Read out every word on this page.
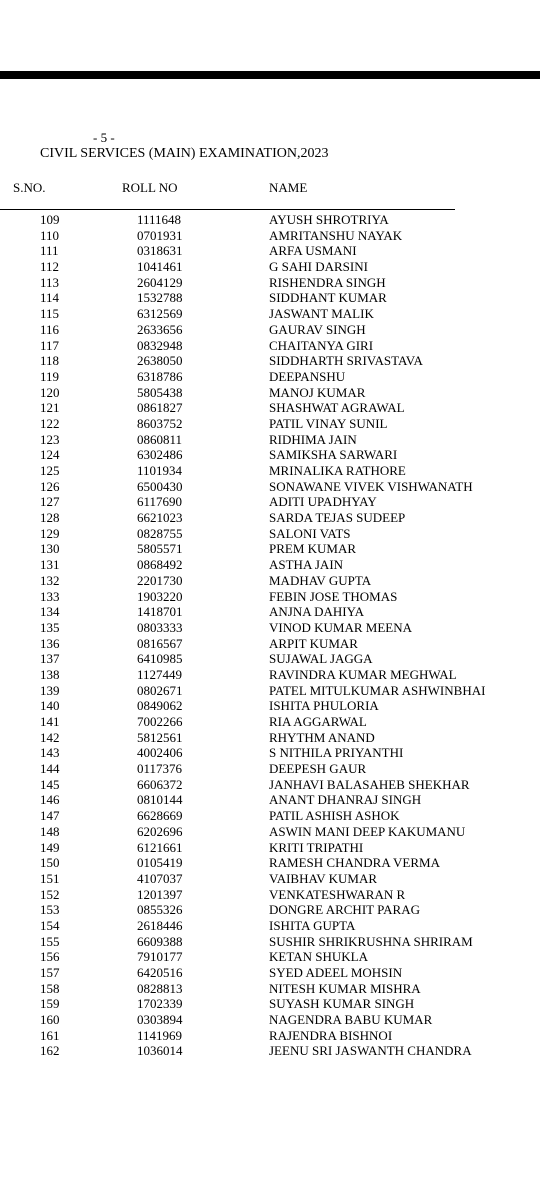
- 5 -
CIVIL SERVICES (MAIN) EXAMINATION,2023
S.NO.	ROLL NO	NAME
109	1111648	AYUSH SHROTRIYA
110	0701931	AMRITANSHU NAYAK
111	0318631	ARFA USMANI
112	1041461	G SAHI DARSINI
113	2604129	RISHENDRA SINGH
114	1532788	SIDDHANT KUMAR
115	6312569	JASWANT MALIK
116	2633656	GAURAV SINGH
117	0832948	CHAITANYA GIRI
118	2638050	SIDDHARTH SRIVASTAVA
119	6318786	DEEPANSHU
120	5805438	MANOJ KUMAR
121	0861827	SHASHWAT AGRAWAL
122	8603752	PATIL VINAY SUNIL
123	0860811	RIDHIMA JAIN
124	6302486	SAMIKSHA SARWARI
125	1101934	MRINALIKA RATHORE
126	6500430	SONAWANE VIVEK VISHWANATH
127	6117690	ADITI UPADHYAY
128	6621023	SARDA TEJAS SUDEEP
129	0828755	SALONI VATS
130	5805571	PREM KUMAR
131	0868492	ASTHA JAIN
132	2201730	MADHAV GUPTA
133	1903220	FEBIN JOSE THOMAS
134	1418701	ANJNA DAHIYA
135	0803333	VINOD KUMAR MEENA
136	0816567	ARPIT KUMAR
137	6410985	SUJAWAL JAGGA
138	1127449	RAVINDRA KUMAR MEGHWAL
139	0802671	PATEL MITULKUMAR ASHWINBHAI
140	0849062	ISHITA PHULORIA
141	7002266	RIA AGGARWAL
142	5812561	RHYTHM ANAND
143	4002406	S NITHILA PRIYANTHI
144	0117376	DEEPESH GAUR
145	6606372	JANHAVI BALASAHEB SHEKHAR
146	0810144	ANANT DHANRAJ SINGH
147	6628669	PATIL ASHISH ASHOK
148	6202696	ASWIN MANI DEEP KAKUMANU
149	6121661	KRITI TRIPATHI
150	0105419	RAMESH CHANDRA VERMA
151	4107037	VAIBHAV KUMAR
152	1201397	VENKATESHWARAN R
153	0855326	DONGRE ARCHIT PARAG
154	2618446	ISHITA GUPTA
155	6609388	SUSHIR SHRIKRUSHNA SHRIRAM
156	7910177	KETAN SHUKLA
157	6420516	SYED ADEEL MOHSIN
158	0828813	NITESH KUMAR MISHRA
159	1702339	SUYASH KUMAR SINGH
160	0303894	NAGENDRA BABU KUMAR
161	1141969	RAJENDRA BISHNOI
162	1036014	JEENU SRI JASWANTH CHANDRA
